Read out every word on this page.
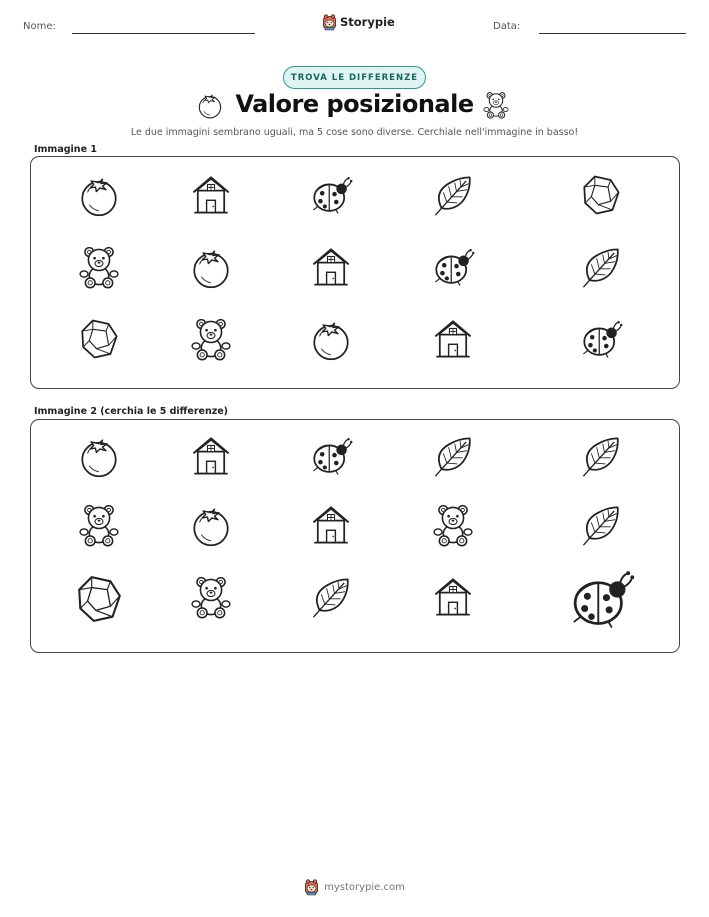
Nome:	Storypie	Data:
TROVA LE DIFFERENZE
Valore posizionale
Le due immagini sembrano uguali, ma 5 cose sono diverse. Cerchiale nell'immagine in basso!
Immagine 1
Immagine 2 (cerchia le 5 differenze)
mystorypie.com
